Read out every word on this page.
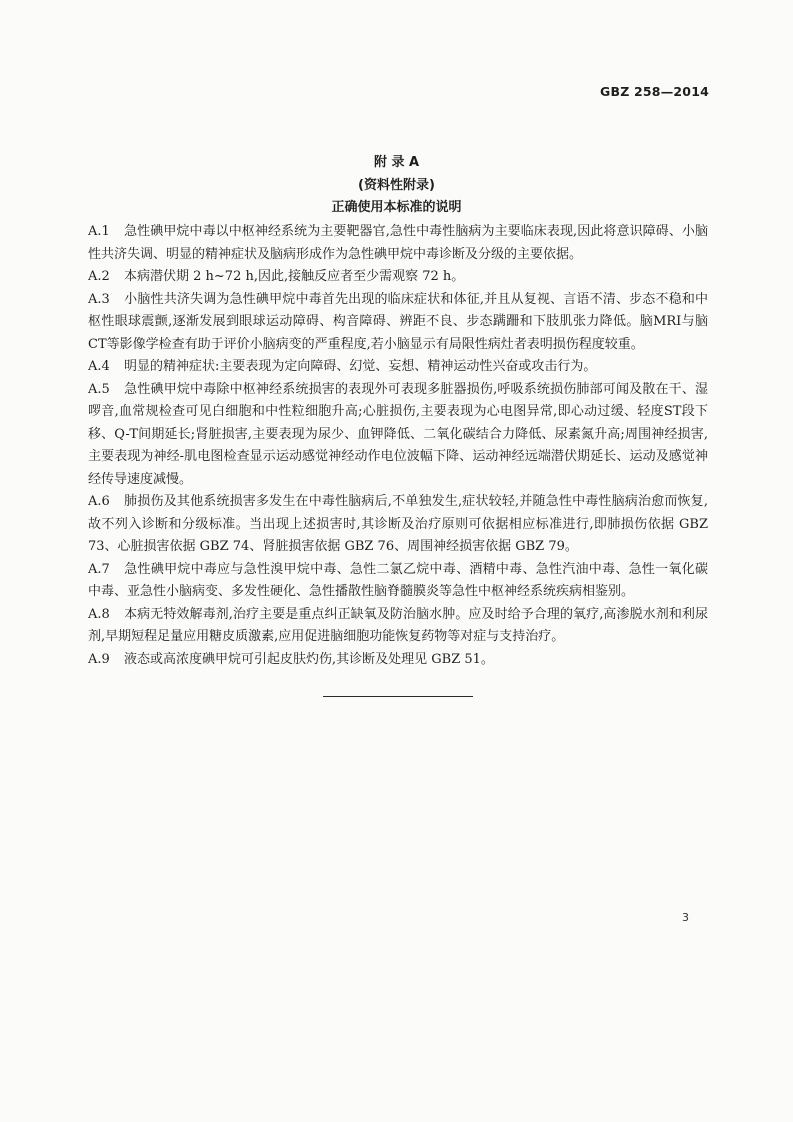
GBZ 258—2014
附 录 A
(资料性附录)
正确使用本标准的说明

A.1 急性碘甲烷中毒以中枢神经系统为主要靶器官,急性中毒性脑病为主要临床表现,因此将意识障碍、小脑性共济失调、明显的精神症状及脑病形成作为急性碘甲烷中毒诊断及分级的主要依据。

A.2 本病潜伏期 2 h~72 h,因此,接触反应者至少需观察 72 h。

A.3 小脑性共济失调为急性碘甲烷中毒首先出现的临床症状和体征,并且从复视、言语不清、步态不稳和中枢性眼球震颤,逐渐发展到眼球运动障碍、构音障碍、辨距不良、步态蹒跚和下肢肌张力降低。脑MRI与脑CT等影像学检查有助于评价小脑病变的严重程度,若小脑显示有局限性病灶者表明损伤程度较重。

A.4 明显的精神症状:主要表现为定向障碍、幻觉、妄想、精神运动性兴奋或攻击行为。

A.5 急性碘甲烷中毒除中枢神经系统损害的表现外可表现多脏器损伤,呼吸系统损伤肺部可闻及散在干、湿啰音,血常规检查可见白细胞和中性粒细胞升高;心脏损伤,主要表现为心电图异常,即心动过缓、轻度ST段下移、Q-T间期延长;肾脏损害,主要表现为尿少、血钾降低、二氧化碳结合力降低、尿素氮升高;周围神经损害,主要表现为神经-肌电图检查显示运动感觉神经动作电位波幅下降、运动神经远端潜伏期延长、运动及感觉神经传导速度减慢。

A.6 肺损伤及其他系统损害多发生在中毒性脑病后,不单独发生,症状较轻,并随急性中毒性脑病治愈而恢复,故不列入诊断和分级标准。当出现上述损害时,其诊断及治疗原则可依据相应标准进行,即肺损伤依据 GBZ 73、心脏损害依据 GBZ 74、肾脏损害依据 GBZ 76、周围神经损害依据 GBZ 79。

A.7 急性碘甲烷中毒应与急性溴甲烷中毒、急性二氯乙烷中毒、酒精中毒、急性汽油中毒、急性一氧化碳中毒、亚急性小脑病变、多发性硬化、急性播散性脑脊髓膜炎等急性中枢神经系统疾病相鉴别。

A.8 本病无特效解毒剂,治疗主要是重点纠正缺氧及防治脑水肿。应及时给予合理的氧疗,高渗脱水剂和利尿剂,早期短程足量应用糖皮质激素,应用促进脑细胞功能恢复药物等对症与支持治疗。

A.9 液态或高浓度碘甲烷可引起皮肤灼伤,其诊断及处理见 GBZ 51。

3
